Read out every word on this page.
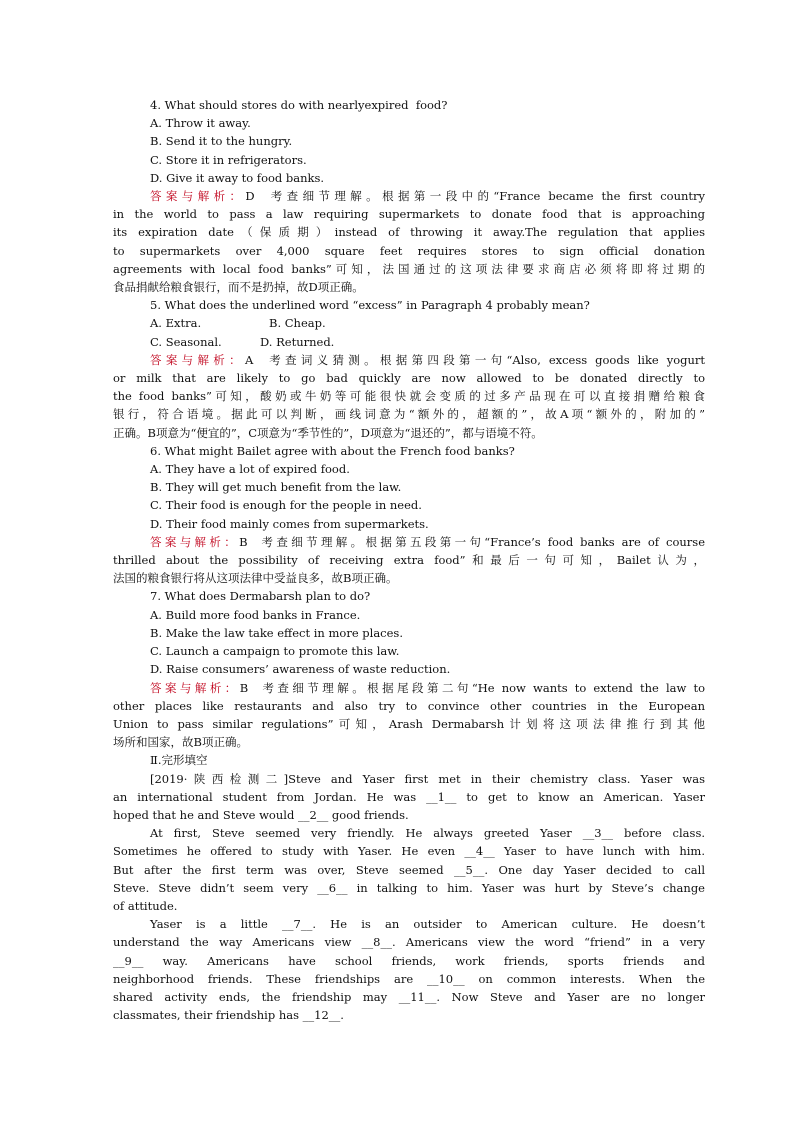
4. What should stores do with nearlyexpired  food?
A. Throw it away.
B. Send it to the hungry.
C. Store it in refrigerators.
D. Give it away to food banks.
答案与解析：D  考查细节理解。根据第一段中的“France became the first country
in the world to pass a law requiring supermarkets to donate food that is approaching
its expiration date（保质期）instead of throwing it away.The regulation that applies
to supermarkets over 4,000 square feet requires stores to sign official donation
agreements with local food banks”可知，法国通过的这项法律要求商店必须将即将过期的
食品捐献给粮食银行，而不是扔掉，故D项正确。
5. What does the underlined word “excess” in Paragraph 4 probably mean?
A. Extra.	B. Cheap.
C. Seasonal.	D. Returned.
答案与解析：A  考查词义猜测。根据第四段第一句“Also, excess goods like yogurt
or milk that are likely to go bad quickly are now allowed to be donated directly to
the food banks”可知，酸奶或牛奶等可能很快就会变质的过多产品现在可以直接捐赠给粮食
银行，符合语境。据此可以判断，画线词意为“额外的，超额的”，故A项“额外的，附加的”
正确。B项意为“便宜的”，C项意为“季节性的”，D项意为“退还的”，都与语境不符。
6. What might Bailet agree with about the French food banks?
A. They have a lot of expired food.
B. They will get much benefit from the law.
C. Their food is enough for the people in need.
D. Their food mainly comes from supermarkets.
答案与解析：B  考查细节理解。根据第五段第一句“France’s food banks are of course
thrilled about the possibility of receiving extra food”和最后一句可知，Bailet认为，
法国的粮食银行将从这项法律中受益良多，故B项正确。
7. What does Dermabarsh plan to do?
A. Build more food banks in France.
B. Make the law take effect in more places.
C. Launch a campaign to promote this law.
D. Raise consumers’ awareness of waste reduction.
答案与解析：B  考查细节理解。根据尾段第二句“He now wants to extend the law to
other places like restaurants and also try to convince other countries in the European
Union to pass similar regulations”可知，Arash Dermabarsh计划将这项法律推行到其他
场所和国家，故B项正确。
Ⅱ.完形填空
[2019·陕西检测二]Steve and Yaser first met in their chemistry class. Yaser was
an international student from Jordan. He was __1__ to get to know an American. Yaser
hoped that he and Steve would __2__ good friends.
At first, Steve seemed very friendly. He always greeted Yaser __3__ before class.
Sometimes he offered to study with Yaser. He even __4__ Yaser to have lunch with him.
But after the first term was over, Steve seemed __5__. One day Yaser decided to call
Steve. Steve didn’t seem very __6__ in talking to him. Yaser was hurt by Steve’s change
of attitude.
Yaser is a little __7__. He is an outsider to American culture. He doesn’t
understand the way Americans view __8__. Americans view the word “friend” in a very
__9__ way. Americans have school friends, work friends, sports friends and
neighborhood friends. These friendships are __10__ on common interests. When the
shared activity ends, the friendship may __11__. Now Steve and Yaser are no longer
classmates, their friendship has __12__.
